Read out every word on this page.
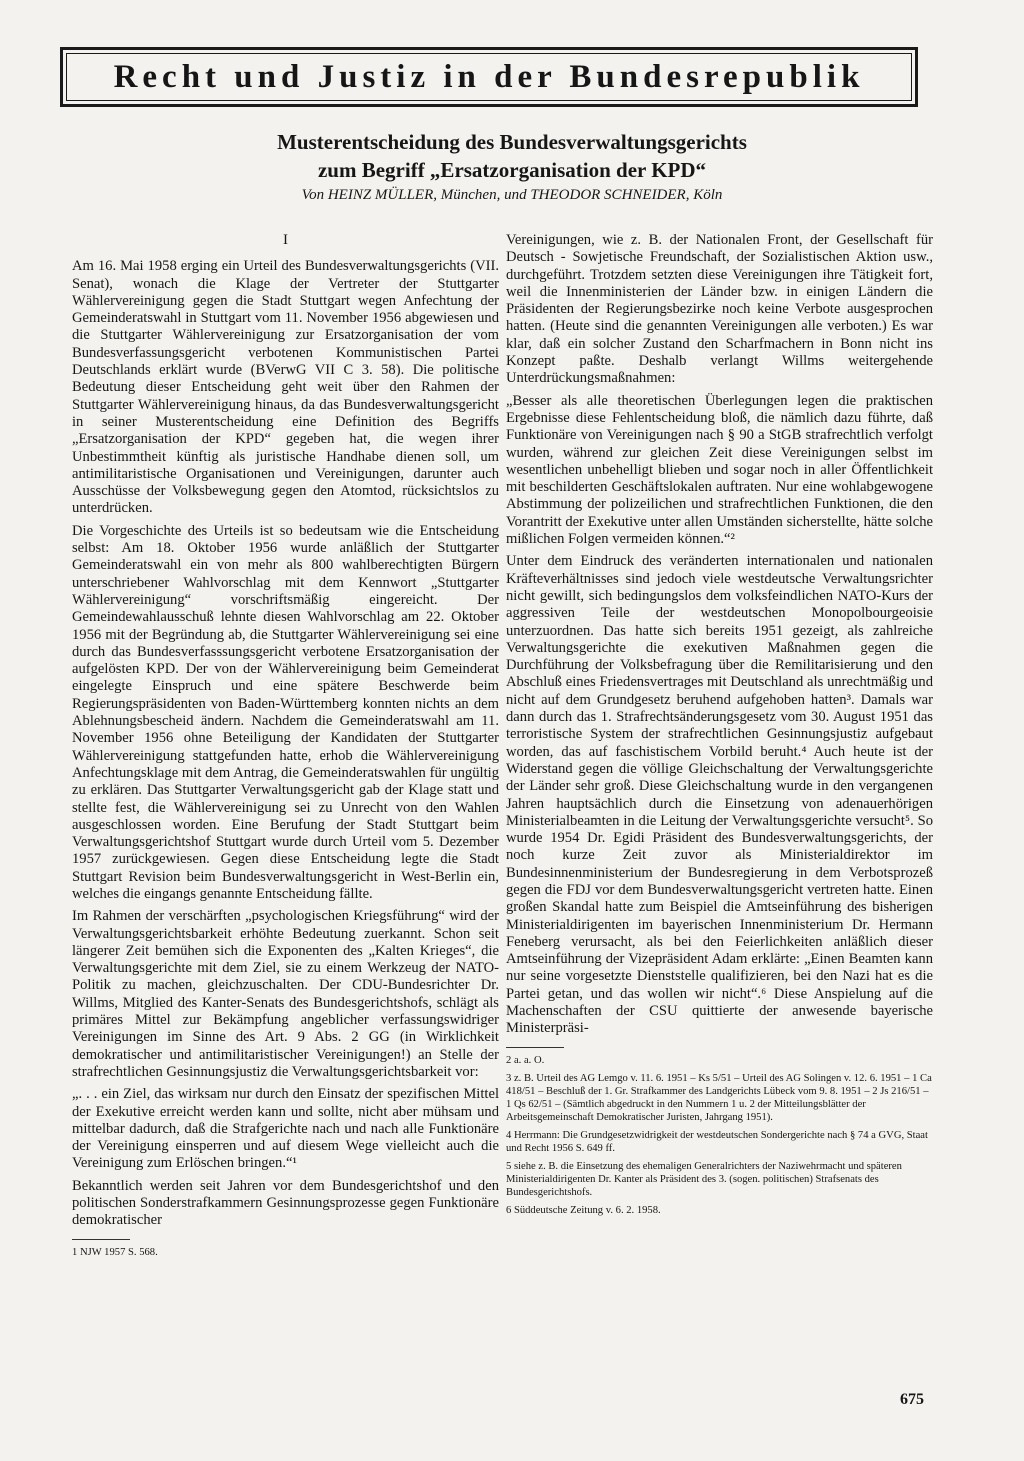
Recht und Justiz in der Bundesrepublik
Musterentscheidung des Bundesverwaltungsgerichts
zum Begriff „Ersatzorganisation der KPD“
Von HEINZ MÜLLER, München, und THEODOR SCHNEIDER, Köln
I

Am 16. Mai 1958 erging ein Urteil des Bundesverwaltungsgerichts (VII. Senat), wonach die Klage der Vertreter der Stuttgarter Wählervereinigung gegen die Stadt Stuttgart wegen Anfechtung der Gemeinderatswahl in Stuttgart vom 11. November 1956 abgewiesen und die Stuttgarter Wählervereinigung zur Ersatzorganisation der vom Bundesverfassungsgericht verbotenen Kommunistischen Partei Deutschlands erklärt wurde (BVerwG VII C 3. 58). Die politische Bedeutung dieser Entscheidung geht weit über den Rahmen der Stuttgarter Wählervereinigung hinaus, da das Bundesverwaltungsgericht in seiner Musterentscheidung eine Definition des Begriffs „Ersatzorganisation der KPD“ gegeben hat, die wegen ihrer Unbestimmtheit künftig als juristische Handhabe dienen soll, um antimilitaristische Organisationen und Vereinigungen, darunter auch Ausschüsse der Volksbewegung gegen den Atomtod, rücksichtslos zu unterdrücken.

Die Vorgeschichte des Urteils ist so bedeutsam wie die Entscheidung selbst: Am 18. Oktober 1956 wurde anläßlich der Stuttgarter Gemeinderatswahl ein von mehr als 800 wahlberechtigten Bürgern unterschriebener Wahlvorschlag mit dem Kennwort „Stuttgarter Wählervereinigung“ vorschriftsmäßig eingereicht. Der Gemeindewahlausschuß lehnte diesen Wahlvorschlag am 22. Oktober 1956 mit der Begründung ab, die Stuttgarter Wählervereinigung sei eine durch das Bundesverfasssungsgericht verbotene Ersatzorganisation der aufgelösten KPD. Der von der Wählervereinigung beim Gemeinderat eingelegte Einspruch und eine spätere Beschwerde beim Regierungspräsidenten von Baden-Württemberg konnten nichts an dem Ablehnungsbescheid ändern. Nachdem die Gemeinderatswahl am 11. November 1956 ohne Beteiligung der Kandidaten der Stuttgarter Wählervereinigung stattgefunden hatte, erhob die Wählervereinigung Anfechtungsklage mit dem Antrag, die Gemeinderatswahlen für ungültig zu erklären. Das Stuttgarter Verwaltungsgericht gab der Klage statt und stellte fest, die Wählervereinigung sei zu Unrecht von den Wahlen ausgeschlossen worden. Eine Berufung der Stadt Stuttgart beim Verwaltungsgerichtshof Stuttgart wurde durch Urteil vom 5. Dezember 1957 zurückgewiesen. Gegen diese Entscheidung legte die Stadt Stuttgart Revision beim Bundesverwaltungsgericht in West-Berlin ein, welches die eingangs genannte Entscheidung fällte.

Im Rahmen der verschärften „psychologischen Kriegsführung“ wird der Verwaltungsgerichtsbarkeit erhöhte Bedeutung zuerkannt. Schon seit längerer Zeit bemühen sich die Exponenten des „Kalten Krieges“, die Verwaltungsgerichte mit dem Ziel, sie zu einem Werkzeug der NATO-Politik zu machen, gleichzuschalten. Der CDU-Bundesrichter Dr. Willms, Mitglied des Kanter-Senats des Bundesgerichtshofs, schlägt als primäres Mittel zur Bekämpfung angeblicher verfassungswidriger Vereinigungen im Sinne des Art. 9 Abs. 2 GG (in Wirklichkeit demokratischer und antimilitaristischer Vereinigungen!) an Stelle der strafrechtlichen Gesinnungsjustiz die Verwaltungsgerichtsbarkeit vor:

„. . . ein Ziel, das wirksam nur durch den Einsatz der spezifischen Mittel der Exekutive erreicht werden kann und sollte, nicht aber mühsam und mittelbar dadurch, daß die Strafgerichte nach und nach alle Funktionäre der Vereinigung einsperren und auf diesem Wege vielleicht auch die Vereinigung zum Erlöschen bringen.“¹

Bekanntlich werden seit Jahren vor dem Bundesgerichtshof und den politischen Sonderstrafkammern Gesinnungsprozesse gegen Funktionäre demokratischer

1 NJW 1957 S. 568.

Vereinigungen, wie z. B. der Nationalen Front, der Gesellschaft für Deutsch - Sowjetische Freundschaft, der Sozialistischen Aktion usw., durchgeführt. Trotzdem setzten diese Vereinigungen ihre Tätigkeit fort, weil die Innenministerien der Länder bzw. in einigen Ländern die Präsidenten der Regierungsbezirke noch keine Verbote ausgesprochen hatten. (Heute sind die genannten Vereinigungen alle verboten.) Es war klar, daß ein solcher Zustand den Scharfmachern in Bonn nicht ins Konzept paßte. Deshalb verlangt Willms weitergehende Unterdrückungsmaßnahmen:

„Besser als alle theoretischen Überlegungen legen die praktischen Ergebnisse diese Fehlentscheidung bloß, die nämlich dazu führte, daß Funktionäre von Vereinigungen nach § 90 a StGB strafrechtlich verfolgt wurden, während zur gleichen Zeit diese Vereinigungen selbst im wesentlichen unbehelligt blieben und sogar noch in aller Öffentlichkeit mit beschilderten Geschäftslokalen auftraten. Nur eine wohlabgewogene Abstimmung der polizeilichen und strafrechtlichen Funktionen, die den Vorantritt der Exekutive unter allen Umständen sicherstellte, hätte solche mißlichen Folgen vermeiden können.“²

Unter dem Eindruck des veränderten internationalen und nationalen Kräfteverhältnisses sind jedoch viele westdeutsche Verwaltungsrichter nicht gewillt, sich bedingungslos dem volksfeindlichen NATO-Kurs der aggressiven Teile der westdeutschen Monopolbourgeoisie unterzuordnen. Das hatte sich bereits 1951 gezeigt, als zahlreiche Verwaltungsgerichte die exekutiven Maßnahmen gegen die Durchführung der Volksbefragung über die Remilitarisierung und den Abschluß eines Friedensvertrages mit Deutschland als unrechtmäßig und nicht auf dem Grundgesetz beruhend aufgehoben hatten³. Damals war dann durch das 1. Strafrechtsänderungsgesetz vom 30. August 1951 das terroristische System der strafrechtlichen Gesinnungsjustiz aufgebaut worden, das auf faschistischem Vorbild beruht.⁴ Auch heute ist der Widerstand gegen die völlige Gleichschaltung der Verwaltungsgerichte der Länder sehr groß. Diese Gleichschaltung wurde in den vergangenen Jahren hauptsächlich durch die Einsetzung von adenauerhörigen Ministerialbeamten in die Leitung der Verwaltungsgerichte versucht⁵. So wurde 1954 Dr. Egidi Präsident des Bundesverwaltungsgerichts, der noch kurze Zeit zuvor als Ministerialdirektor im Bundesinnenministerium der Bundesregierung in dem Verbotsprozeß gegen die FDJ vor dem Bundesverwaltungsgericht vertreten hatte. Einen großen Skandal hatte zum Beispiel die Amtseinführung des bisherigen Ministerialdirigenten im bayerischen Innenministerium Dr. Hermann Feneberg verursacht, als bei den Feierlichkeiten anläßlich dieser Amtseinführung der Vizepräsident Adam erklärte: „Einen Beamten kann nur seine vorgesetzte Dienststelle qualifizieren, bei den Nazi hat es die Partei getan, und das wollen wir nicht“.⁶ Diese Anspielung auf die Machenschaften der CSU quittierte der anwesende bayerische Ministerpräsi-

2 a. a. O.

3 z. B. Urteil des AG Lemgo v. 11. 6. 1951 – Ks 5/51 – Urteil des AG Solingen v. 12. 6. 1951 – 1 Ca 418/51 – Beschluß der 1. Gr. Strafkammer des Landgerichts Lübeck vom 9. 8. 1951 – 2 Js 216/51 – 1 Qs 62/51 – (Sämtlich abgedruckt in den Nummern 1 u. 2 der Mitteilungsblätter der Arbeitsgemeinschaft Demokratischer Juristen, Jahrgang 1951).

4 Herrmann: Die Grundgesetzwidrigkeit der westdeutschen Sondergerichte nach § 74 a GVG, Staat und Recht 1956 S. 649 ff.

5 siehe z. B. die Einsetzung des ehemaligen Generalrichters der Naziwehrmacht und späteren Ministerialdirigenten Dr. Kanter als Präsident des 3. (sogen. politischen) Strafsenats des Bundesgerichtshofs.

6 Süddeutsche Zeitung v. 6. 2. 1958.

675
